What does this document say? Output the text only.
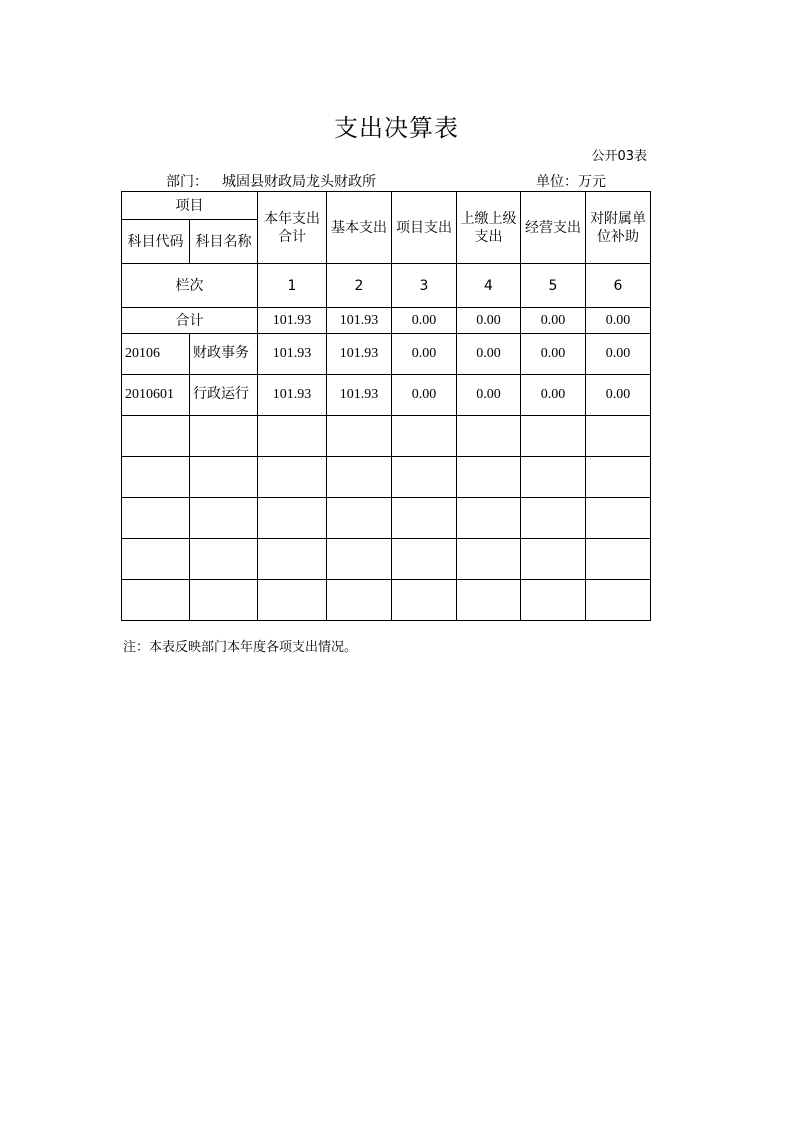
支出决算表
公开03表
部门： 城固县财政局龙头财政所	单位：万元
项目		本年支出合计	基本支出	项目支出	上缴上级支出	经营支出	对附属单位补助
科目代码	科目名称						
栏次		1	2	3	4	5	6
合计		101.93	101.93	0.00	0.00	0.00	0.00
20106	财政事务	101.93	101.93	0.00	0.00	0.00	0.00
2010601	行政运行	101.93	101.93	0.00	0.00	0.00	0.00

注：本表反映部门本年度各项支出情况。
